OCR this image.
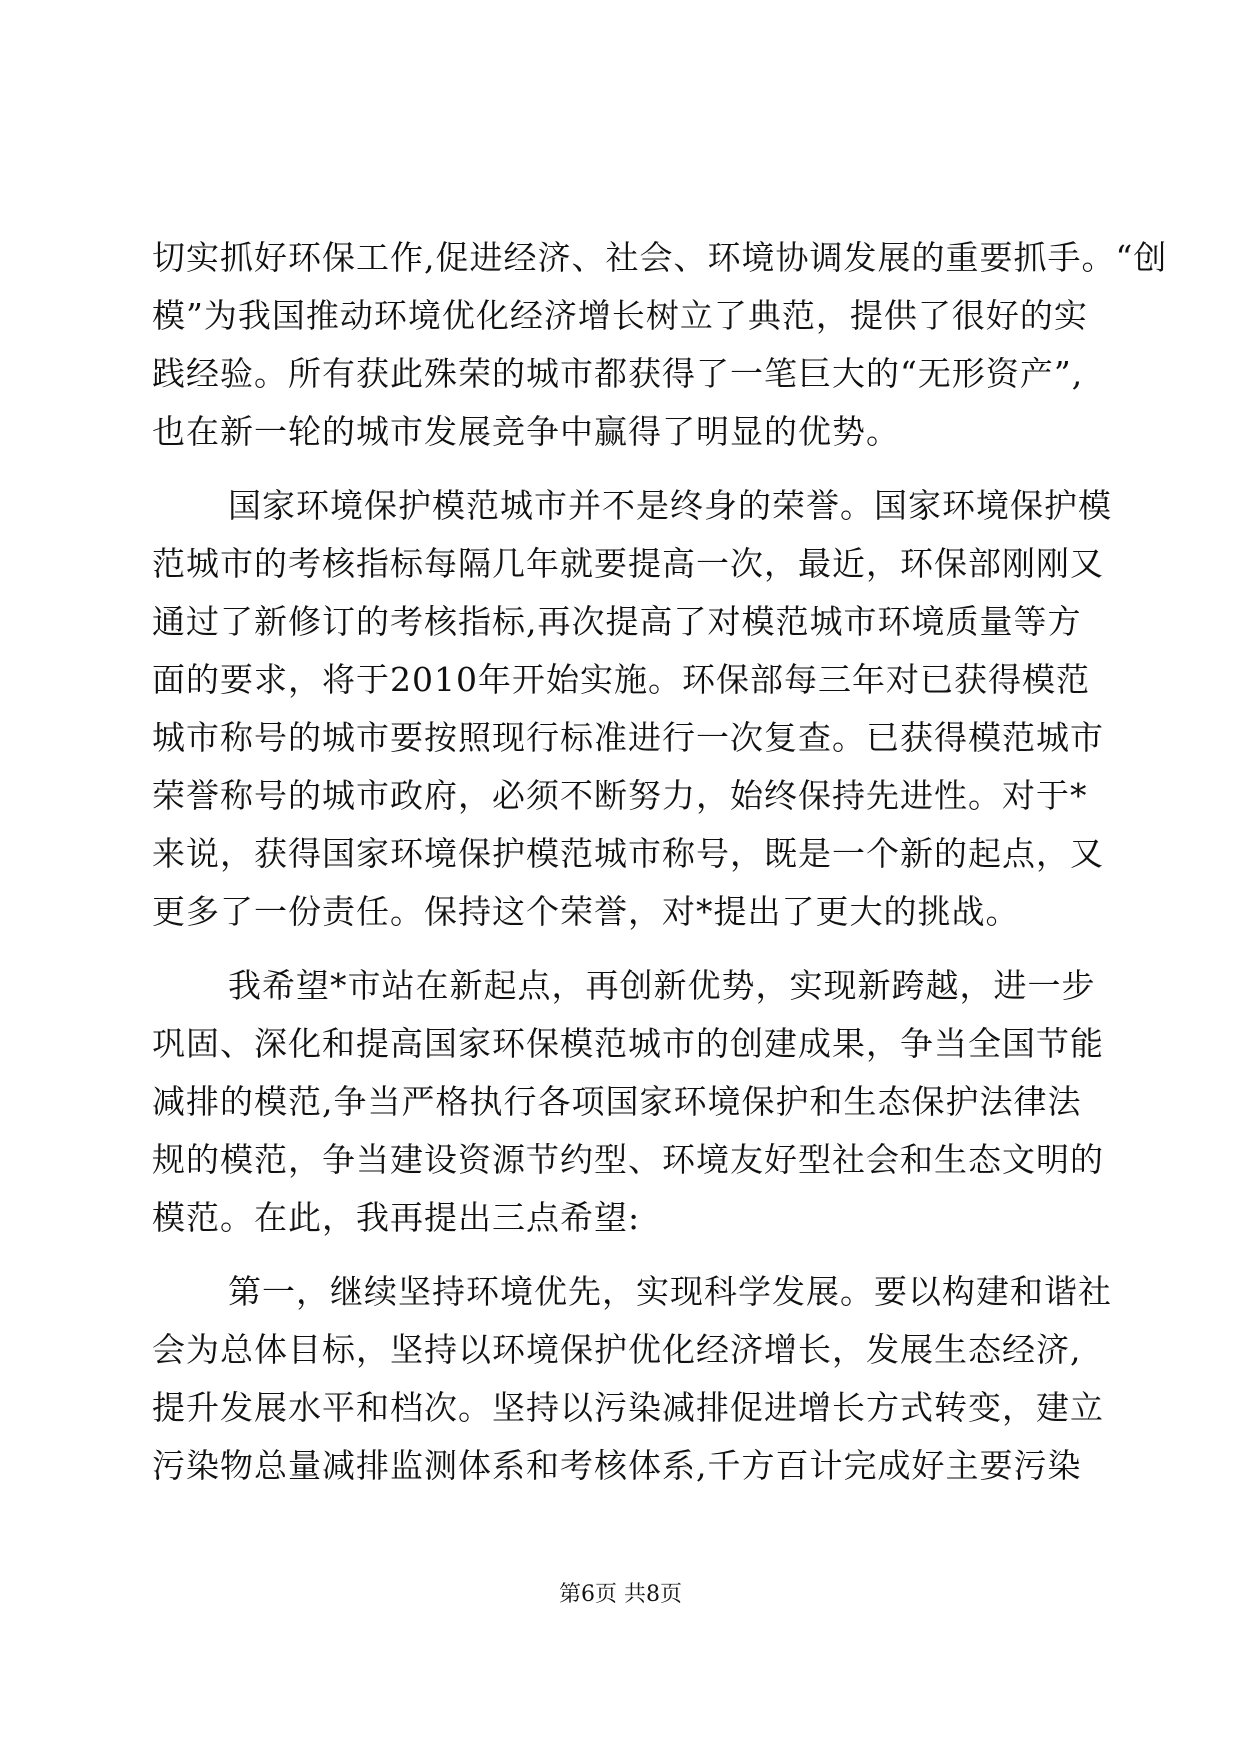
切实抓好环保工作,促进经济、社会、环境协调发展的重要抓手。“创
模”为我国推动环境优化经济增长树立了典范，提供了很好的实
践经验。所有获此殊荣的城市都获得了一笔巨大的“无形资产”,
也在新一轮的城市发展竞争中赢得了明显的优势。
国家环境保护模范城市并不是终身的荣誉。国家环境保护模
范城市的考核指标每隔几年就要提高一次，最近，环保部刚刚又
通过了新修订的考核指标,再次提高了对模范城市环境质量等方
面的要求，将于2010年开始实施。环保部每三年对已获得模范
城市称号的城市要按照现行标准进行一次复查。已获得模范城市
荣誉称号的城市政府，必须不断努力，始终保持先进性。对于*
来说，获得国家环境保护模范城市称号，既是一个新的起点，又
更多了一份责任。保持这个荣誉，对*提出了更大的挑战。
我希望*市站在新起点，再创新优势，实现新跨越，进一步
巩固、深化和提高国家环保模范城市的创建成果，争当全国节能
减排的模范,争当严格执行各项国家环境保护和生态保护法律法
规的模范，争当建设资源节约型、环境友好型社会和生态文明的
模范。在此，我再提出三点希望:
第一，继续坚持环境优先，实现科学发展。要以构建和谐社
会为总体目标，坚持以环境保护优化经济增长，发展生态经济,
提升发展水平和档次。坚持以污染减排促进增长方式转变，建立
污染物总量减排监测体系和考核体系,千方百计完成好主要污染
第6页 共8页
